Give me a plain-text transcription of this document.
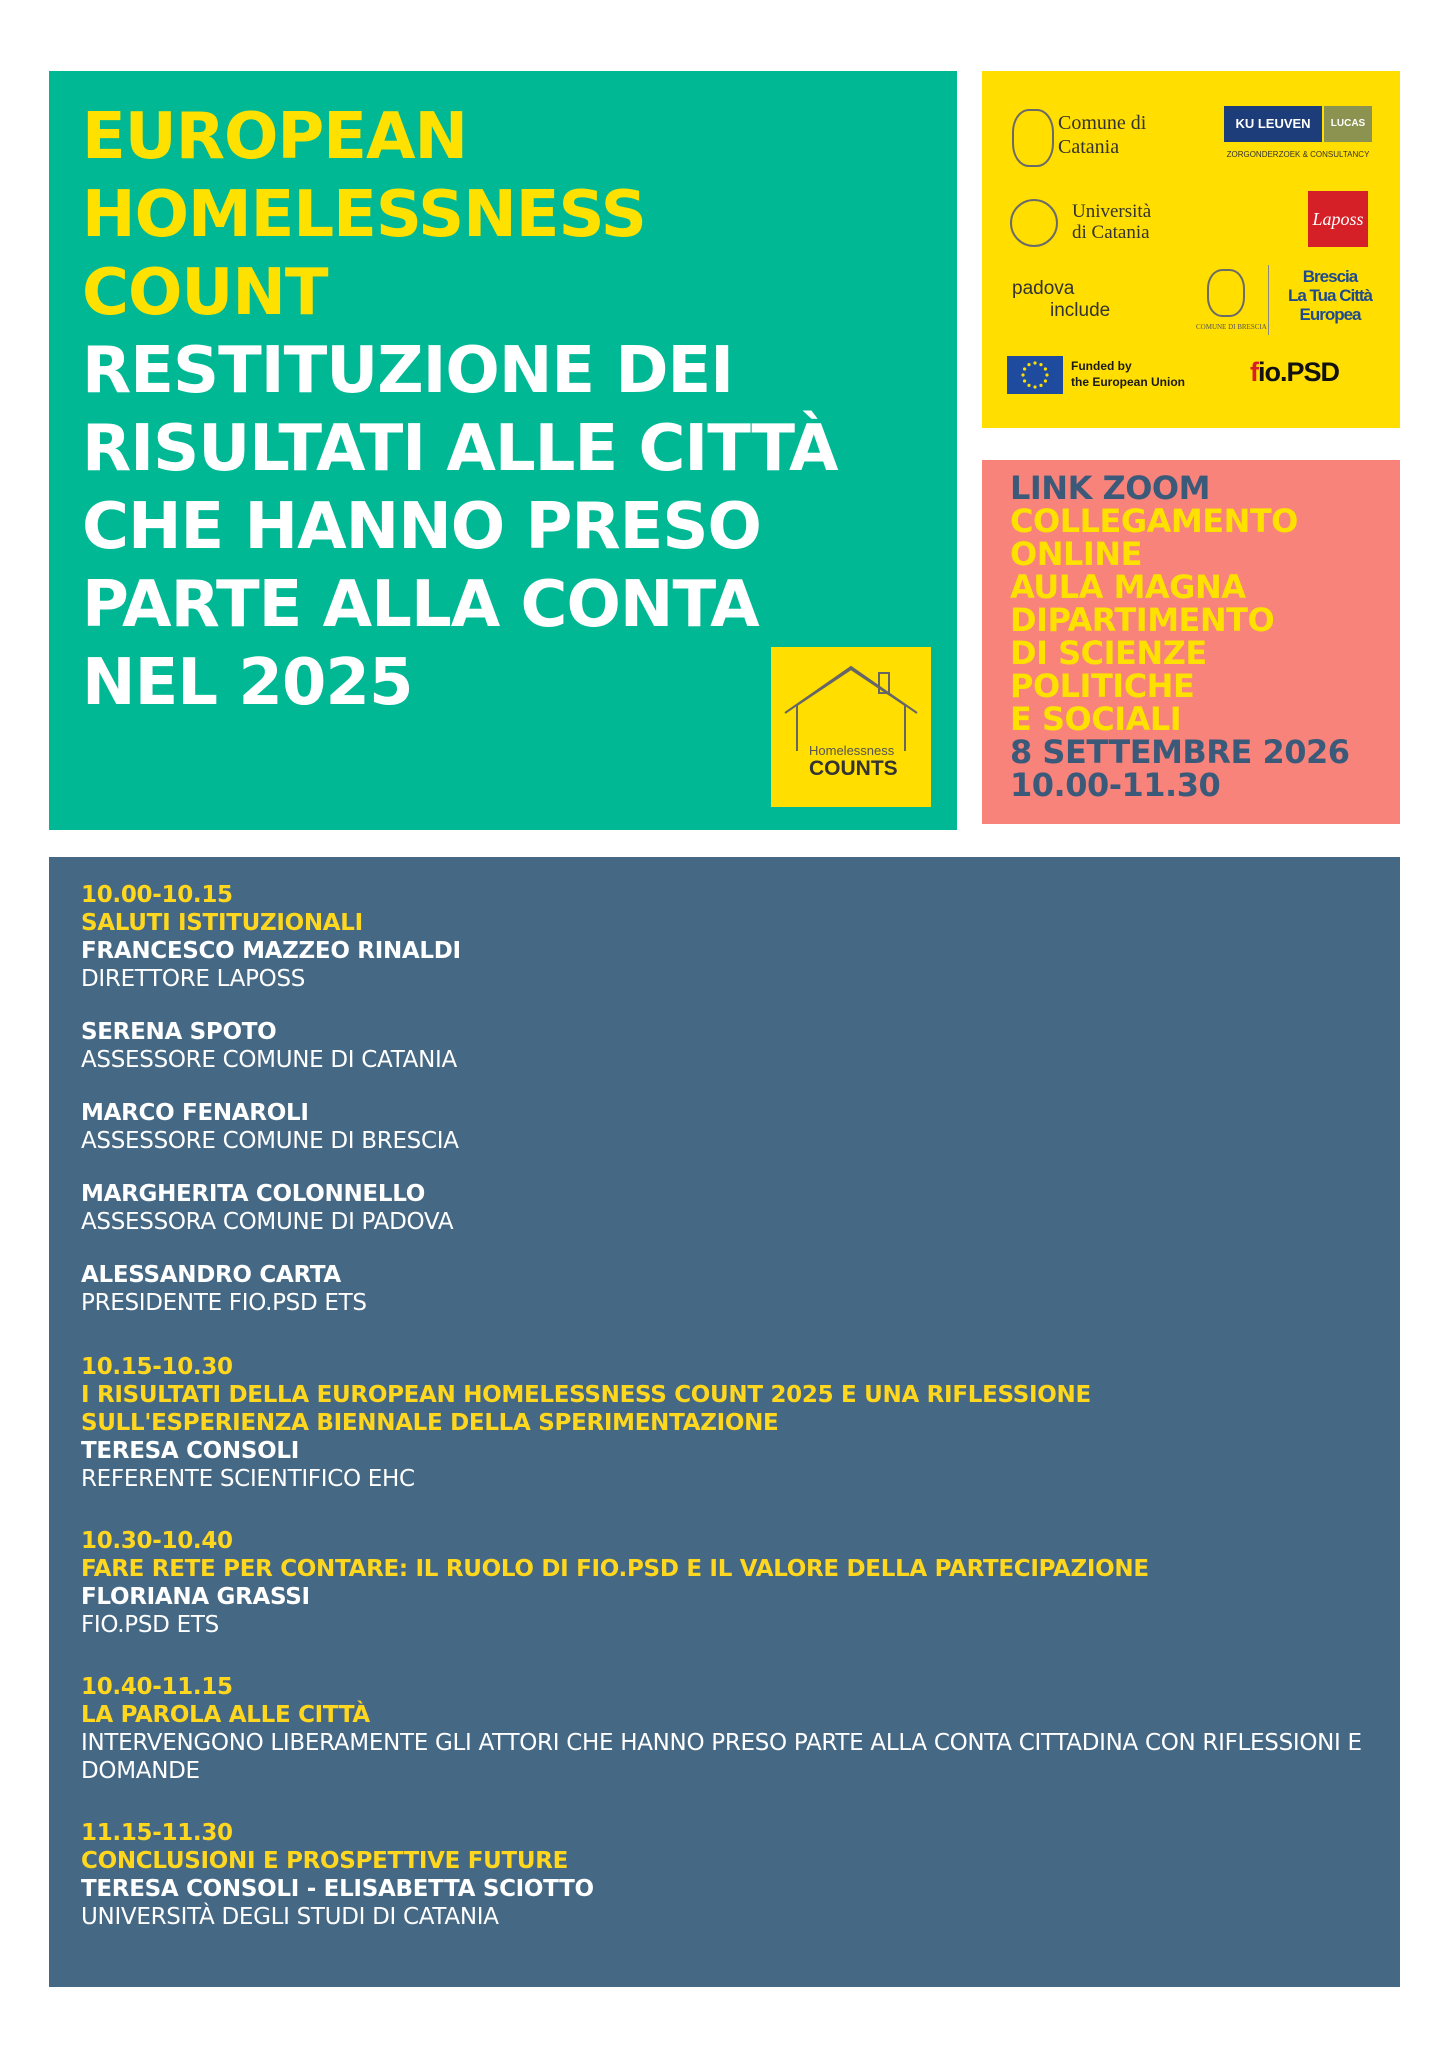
EUROPEAN

HOMELESSNESS

COUNT

RESTITUZIONE DEI

RISULTATI ALLE CITTÀ

CHE HANNO PRESO

PARTE ALLA CONTA

NEL 2025

Homelessness
COUNTS
Comune di
Catania
KU LEUVEN	LUCAS
ZORGONDERZOEK & CONSULTANCY
Università
di Catania
Laposs
padova
include
COMUNE DI BRESCIA
Brescia
La Tua Città
Europea
Funded by
the European Union fio.PSD

LINK ZOOM

COLLEGAMENTO

ONLINE

AULA MAGNA

DIPARTIMENTO

DI SCIENZE

POLITICHE

E SOCIALI

8 SETTEMBRE 2026

10.00-11.30

10.00-10.15

SALUTI ISTITUZIONALI

FRANCESCO MAZZEO RINALDI

DIRETTORE LAPOSS

SERENA SPOTO

ASSESSORE COMUNE DI CATANIA

MARCO FENAROLI

ASSESSORE COMUNE DI BRESCIA

MARGHERITA COLONNELLO

ASSESSORA COMUNE DI PADOVA

ALESSANDRO CARTA

PRESIDENTE FIO.PSD ETS

10.15-10.30

I RISULTATI DELLA EUROPEAN HOMELESSNESS COUNT 2025 E UNA RIFLESSIONE

SULL'ESPERIENZA BIENNALE DELLA SPERIMENTAZIONE

TERESA CONSOLI

REFERENTE SCIENTIFICO EHC

10.30-10.40

FARE RETE PER CONTARE: IL RUOLO DI FIO.PSD E IL VALORE DELLA PARTECIPAZIONE

FLORIANA GRASSI

FIO.PSD ETS

10.40-11.15

LA PAROLA ALLE CITTÀ

INTERVENGONO LIBERAMENTE GLI ATTORI CHE HANNO PRESO PARTE ALLA CONTA CITTADINA CON RIFLESSIONI E

DOMANDE

11.15-11.30

CONCLUSIONI E PROSPETTIVE FUTURE

TERESA CONSOLI - ELISABETTA SCIOTTO

UNIVERSITÀ DEGLI STUDI DI CATANIA
